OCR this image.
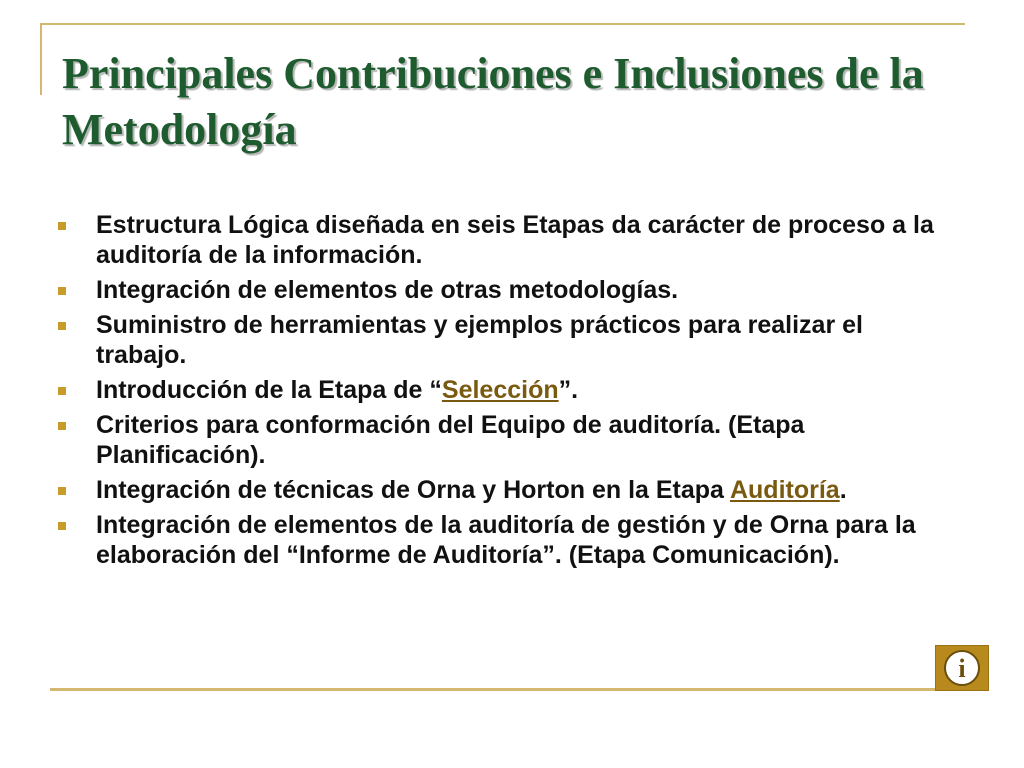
Principales Contribuciones e Inclusiones de la Metodología
Estructura Lógica diseñada en seis Etapas da carácter de proceso a la auditoría de la información.
Integración de elementos de otras metodologías.
Suministro de herramientas y ejemplos prácticos para realizar el trabajo.
Introducción de la Etapa de “Selección”.
Criterios para conformación del Equipo de auditoría. (Etapa Planificación).
Integración de técnicas de Orna y Horton en la Etapa Auditoría.
Integración de elementos de la auditoría de gestión y de Orna para la elaboración del “Informe de Auditoría”. (Etapa Comunicación).
i
